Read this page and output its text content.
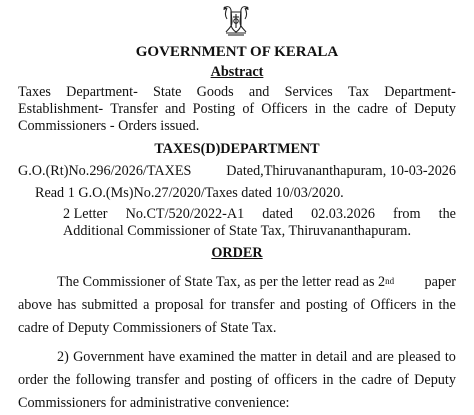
GOVERNMENT OF KERALA
Abstract
Taxes Department- State Goods and Services Tax Department-
Establishment- Transfer and Posting of Officers in the cadre of Deputy
Commissioners - Orders issued.
TAXES(D)DEPARTMENT
G.O.(Rt)No.296/2026/TAXES Dated,Thiruvananthapuram, 10-03-2026
Read 1 G.O.(Ms)No.27/2020/Taxes dated 10/03/2020.
2 Letter No.CT/520/2022-A1 dated 02.03.2026 from the
Additional Commissioner of State Tax, Thiruvananthapuram.
ORDER
The Commissioner of State Tax, as per the letter read as 2nd paper
above has submitted a proposal for transfer and posting of Officers in the
cadre of Deputy Commissioners of State Tax.
2) Government have examined the matter in detail and are pleased to
order the following transfer and posting of officers in the cadre of Deputy
Commissioners for administrative convenience:
